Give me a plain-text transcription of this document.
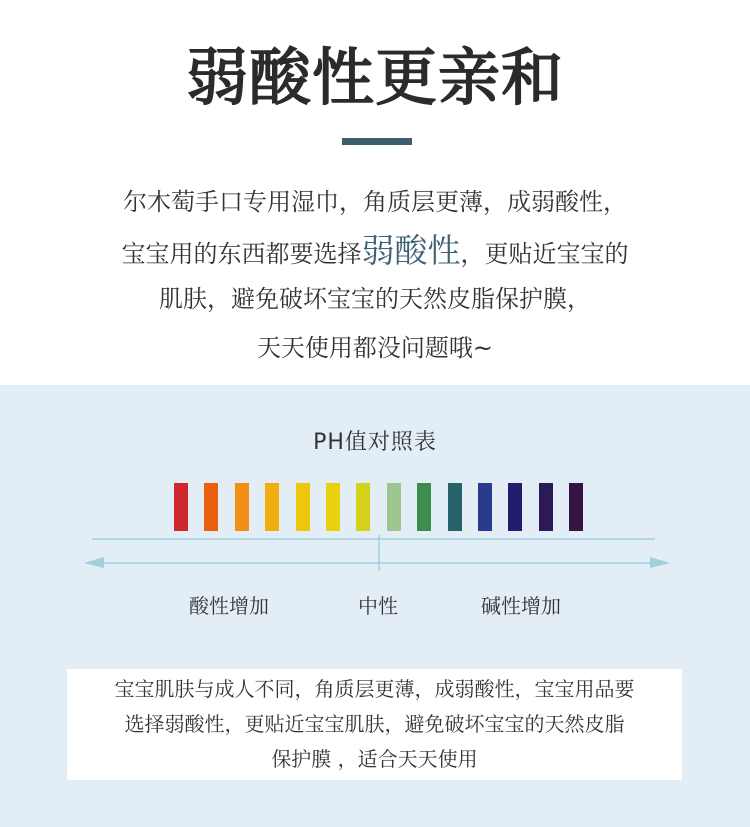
弱酸性更亲和
尔木萄手口专用湿巾，角质层更薄，成弱酸性，
宝宝用的东西都要选择弱酸性，更贴近宝宝的
肌肤，避免破坏宝宝的天然皮脂保护膜，
天天使用都没问题哦~
PH值对照表
酸性增加	中性	碱性增加
宝宝肌肤与成人不同，角质层更薄，成弱酸性，宝宝用品要
选择弱酸性，更贴近宝宝肌肤，避免破坏宝宝的天然皮脂
保护膜 ，适合天天使用
